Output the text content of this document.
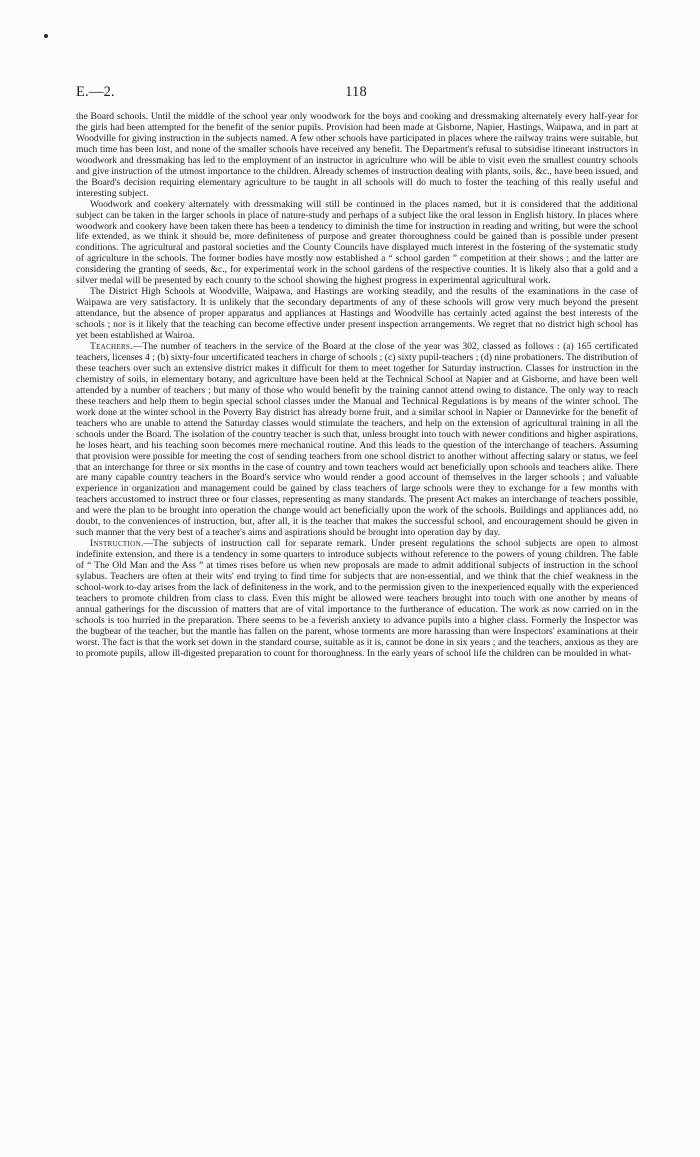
E.—2.	118

the Board schools. Until the middle of the school year only woodwork for the boys and cooking and dressmaking alternately every half-year for the girls had been attempted for the benefit of the senior pupils. Provision had been made at Gisborne, Napier, Hastings, Waipawa, and in part at Woodville for giving instruction in the subjects named. A few other schools have participated in places where the railway trains were suitable, but much time has been lost, and none of the smaller schools have received any benefit. The Department's refusal to subsidise itinerant instructors in woodwork and dressmaking has led to the employment of an instructor in agriculture who will be able to visit even the smallest country schools and give instruction of the utmost importance to the children. Already schemes of instruction dealing with plants, soils, &c., have been issued, and the Board's decision requiring elementary agriculture to be taught in all schools will do much to foster the teaching of this really useful and interesting subject.

Woodwork and cookery alternately with dressmaking will still be continued in the places named, but it is considered that the additional subject can be taken in the larger schools in place of nature-study and perhaps of a subject like the oral lesson in English history. In places where woodwork and cookery have been taken there has been a tendency to diminish the time for instruction in reading and writing, but were the school life extended, as we think it should be, more definiteness of purpose and greater thoroughness could be gained than is possible under present conditions. The agricultural and pastoral societies and the County Councils have displayed much interest in the fostering of the systematic study of agriculture in the schools. The former bodies have mostly now established a “ school garden ” competition at their shows ; and the latter are considering the granting of seeds, &c., for experimental work in the school gardens of the respective counties. It is likely also that a gold and a silver medal will be presented by each county to the school showing the highest progress in experimental agricultural work.

The District High Schools at Woodville, Waipawa, and Hastings are working steadily, and the results of the examinations in the case of Waipawa are very satisfactory. It is unlikely that the secondary departments of any of these schools will grow very much beyond the present attendance, but the absence of proper apparatus and appliances at Hastings and Woodville has certainly acted against the best interests of the schools ; nor is it likely that the teaching can become effective under present inspection arrangements. We regret that no district high school has yet been established at Wairoa.

Teachers.—The number of teachers in the service of the Board at the close of the year was 302, classed as follows : (a) 165 certificated teachers, licenses 4 ; (b) sixty-four uncertificated teachers in charge of schools ; (c) sixty pupil-teachers ; (d) nine probationers. The distribution of these teachers over such an extensive district makes it difficult for them to meet together for Saturday instruction. Classes for instruction in the chemistry of soils, in elementary botany, and agriculture have been held at the Technical School at Napier and at Gisborne, and have been well attended by a number of teachers ; but many of those who would benefit by the training cannot attend owing to distance. The only way to reach these teachers and help them to begin special school classes under the Manual and Technical Regulations is by means of the winter school. The work done at the winter school in the Poverty Bay district has already borne fruit, and a similar school in Napier or Dannevirke for the benefit of teachers who are unable to attend the Saturday classes would stimulate the teachers, and help on the extension of agricultural training in all the schools under the Board. The isolation of the country teacher is such that, unless brought into touch with newer conditions and higher aspirations, he loses heart, and his teaching soon becomes mere mechanical routine. And this leads to the question of the interchange of teachers. Assuming that provision were possible for meeting the cost of sending teachers from one school district to another without affecting salary or status, we feel that an interchange for three or six months in the case of country and town teachers would act beneficially upon schools and teachers alike. There are many capable country teachers in the Board's service who would render a good account of themselves in the larger schools ; and valuable experience in organization and management could be gained by class teachers of large schools were they to exchange for a few months with teachers accustomed to instruct three or four classes, representing as many standards. The present Act makes an interchange of teachers possible, and were the plan to be brought into operation the change would act beneficially upon the work of the schools. Buildings and appliances add, no doubt, to the conveniences of instruction, but, after all, it is the teacher that makes the successful school, and encouragement should be given in such manner that the very best of a teacher's aims and aspirations should be brought into operation day by day.

Instruction.—The subjects of instruction call for separate remark. Under present regulations the school subjects are open to almost indefinite extension, and there is a tendency in some quarters to introduce subjects without reference to the powers of young children. The fable of “ The Old Man and the Ass ” at times rises before us when new proposals are made to admit additional subjects of instruction in the school sylabus. Teachers are often at their wits' end trying to find time for subjects that are non-essential, and we think that the chief weakness in the school-work to-day arises from the lack of definiteness in the work, and to the permission given to the inexperienced equally with the experienced teachers to promote children from class to class. Even this might be allowed were teachers brought into touch with one another by means of annual gatherings for the discussion of matters that are of vital importance to the furtherance of education. The work as now carried on in the schools is too hurried in the preparation. There seems to be a feverish anxiety to advance pupils into a higher class. Formerly the Inspector was the bugbear of the teacher, but the mantle has fallen on the parent, whose torments are more harassing than were Inspectors' examinations at their worst. The fact is that the work set down in the standard course, suitable as it is, cannot be done in six years ; and the teachers, anxious as they are to promote pupils, allow ill-digested preparation to count for thoroughness. In the early years of school life the children can be moulded in what-
